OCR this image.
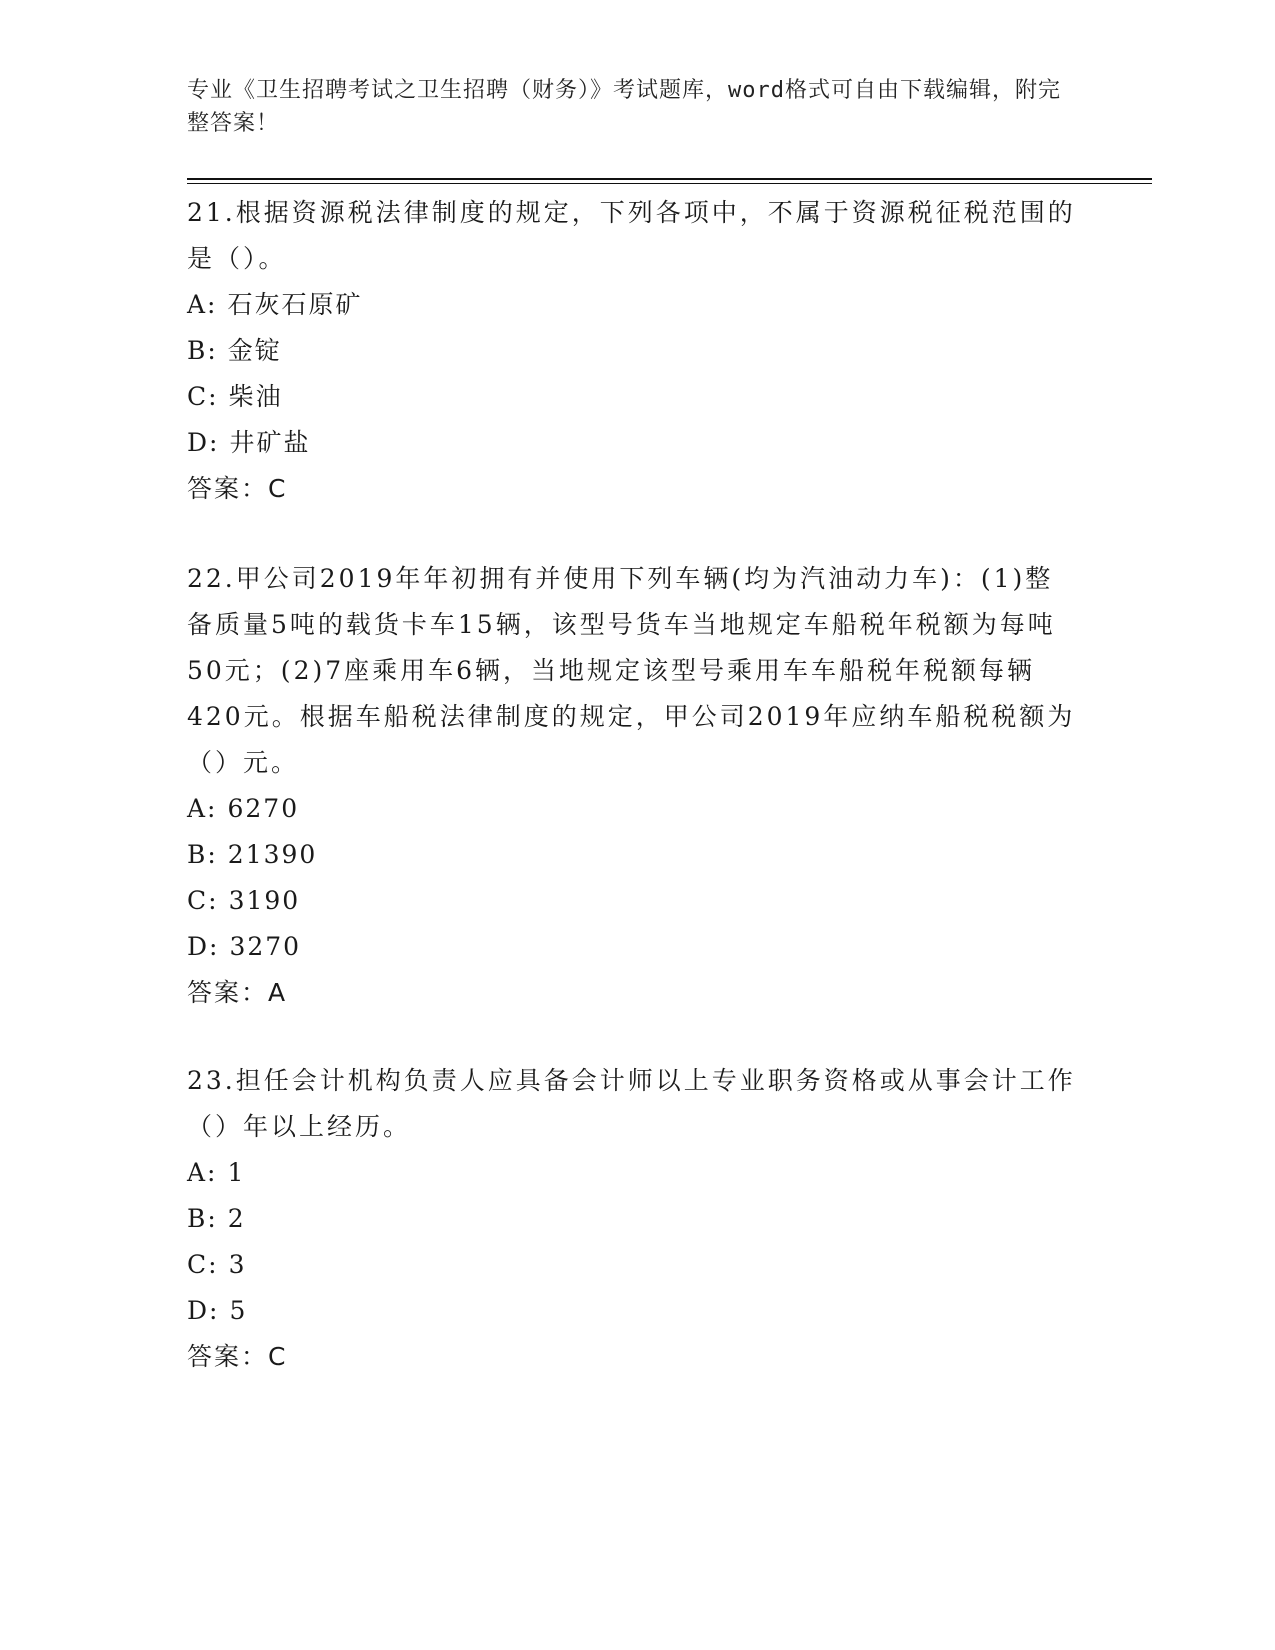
专业《卫生招聘考试之卫生招聘（财务）》考试题库，word格式可自由下载编辑，附完整答案！

21.根据资源税法律制度的规定，下列各项中，不属于资源税征税范围的是（）。

A: 石灰石原矿

B: 金锭

C: 柴油

D: 井矿盐

答案：C

22.甲公司2019年年初拥有并使用下列车辆(均为汽油动力车)：(1)整备质量5吨的载货卡车15辆，该型号货车当地规定车船税年税额为每吨50元；(2)7座乘用车6辆，当地规定该型号乘用车车船税年税额每辆420元。根据车船税法律制度的规定，甲公司2019年应纳车船税税额为（）元。

A: 6270

B: 21390

C: 3190

D: 3270

答案：A

23.担任会计机构负责人应具备会计师以上专业职务资格或从事会计工作（）年以上经历。

A: 1

B: 2

C: 3

D: 5

答案：C
